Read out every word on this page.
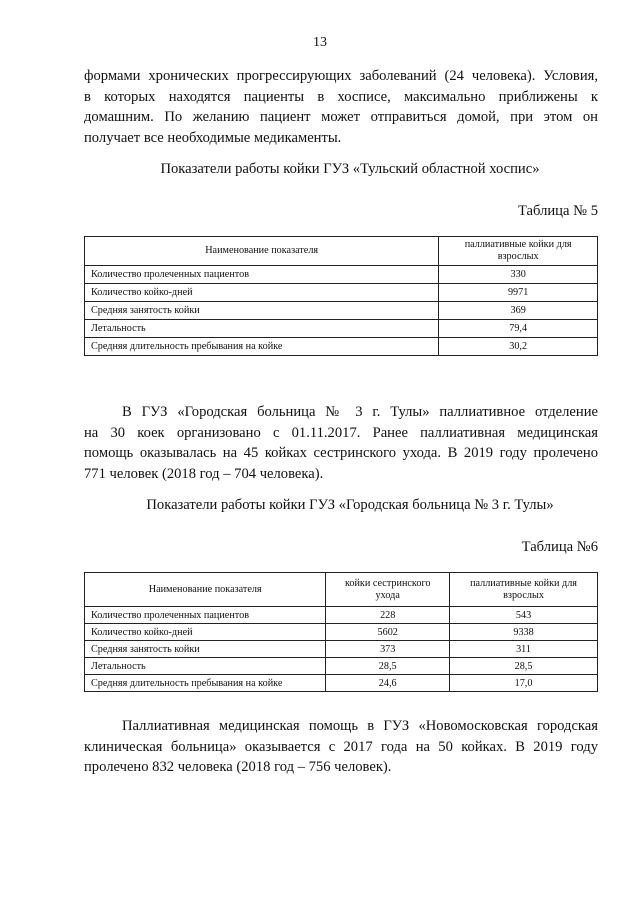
13

формами хронических прогрессирующих заболеваний (24 человека). Условия,
в которых находятся пациенты в хосписе, максимально приближены к
домашним. По желанию пациент может отправиться домой, при этом он
получает все необходимые медикаменты.

Показатели работы койки ГУЗ «Тульский областной хоспис»

Таблица № 5
Наименование показателя	паллиативные койки для взрослых
Количество пролеченных пациентов	330
Количество койко-дней	9971
Средняя занятость койки	369
Летальность	79,4
Средняя длительность пребывания на койке	30,2

В ГУЗ «Городская больница № 3 г. Тулы» паллиативное отделение
на 30 коек организовано с 01.11.2017. Ранее паллиативная медицинская
помощь оказывалась на 45 койках сестринского ухода. В 2019 году пролечено
771 человек (2018 год – 704 человека).

Показатели работы койки ГУЗ «Городская больница № 3 г. Тулы»

Таблица №6
Наименование показателя	койки сестринского ухода	паллиативные койки для взрослых
Количество пролеченных пациентов	228	543
Количество койко-дней	5602	9338
Средняя занятость койки	373	311
Летальность	28,5	28,5
Средняя длительность пребывания на койке	24,6	17,0

Паллиативная медицинская помощь в ГУЗ «Новомосковская городская
клиническая больница» оказывается с 2017 года на 50 койках. В 2019 году
пролечено 832 человека (2018 год – 756 человек).
